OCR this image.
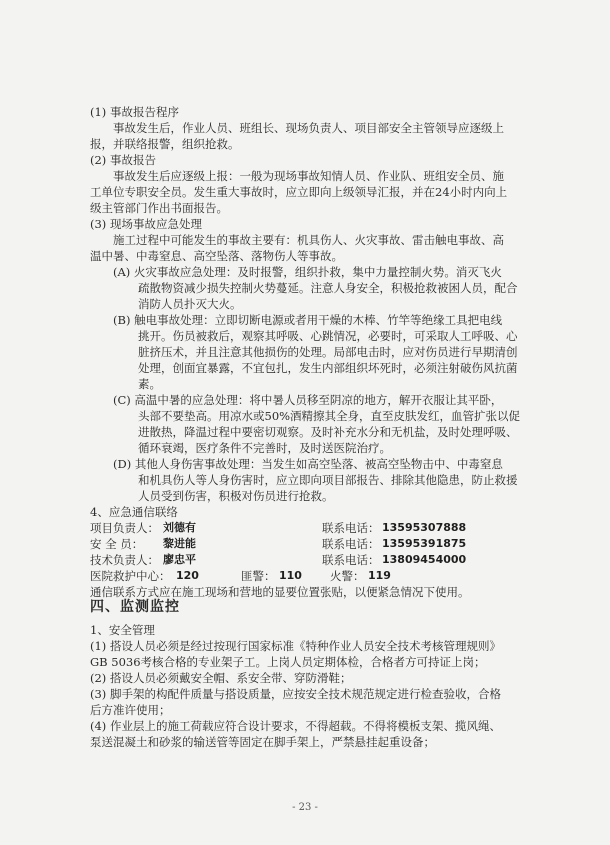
(1) 事故报告程序
事故发生后，作业人员、班组长、现场负责人、项目部安全主管领导应逐级上
报，并联络报警，组织抢救。
(2) 事故报告
事故发生后应逐级上报：一般为现场事故知情人员、作业队、班组安全员、施
工单位专职安全员。发生重大事故时，应立即向上级领导汇报，并在24小时内向上
级主管部门作出书面报告。
(3) 现场事故应急处理
施工过程中可能发生的事故主要有：机具伤人、火灾事故、雷击触电事故、高
温中暑、中毒窒息、高空坠落、落物伤人等事故。
(A) 火灾事故应急处理：及时报警，组织扑救，集中力量控制火势。消灭飞火
疏散物资减少损失控制火势蔓延。注意人身安全，积极抢救被困人员，配合
消防人员扑灭大火。
(B) 触电事故处理：立即切断电源或者用干燥的木棒、竹竿等绝缘工具把电线
挑开。伤员被救后，观察其呼吸、心跳情况，必要时，可采取人工呼吸、心
脏挤压术，并且注意其他损伤的处理。局部电击时，应对伤员进行早期清创
处理，创面宜暴露，不宜包扎，发生内部组织坏死时，必须注射破伤风抗菌
素。
(C) 高温中暑的应急处理：将中暑人员移至阴凉的地方，解开衣服让其平卧，
头部不要垫高。用凉水或50%酒精擦其全身，直至皮肤发红，血管扩张以促
进散热，降温过程中要密切观察。及时补充水分和无机盐，及时处理呼吸、
循环衰竭，医疗条件不完善时，及时送医院治疗。
(D) 其他人身伤害事故处理：当发生如高空坠落、被高空坠物击中、中毒窒息
和机具伤人等人身伤害时，应立即向项目部报告、排除其他隐患，防止救援
人员受到伤害，积极对伤员进行抢救。
4、应急通信联络
项目负责人： 刘德有	联系电话： 13595307888
安 全 员： 黎进能	联系电话： 13595391875
技术负责人： 廖忠平	联系电话： 13809454000
医院救护中心： 120	匪警： 110 火警： 119
通信联系方式应在施工现场和营地的显要位置张贴，以便紧急情况下使用。
四、监测监控
1、安全管理
(1) 搭设人员必须是经过按现行国家标准《特种作业人员安全技术考核管理规则》
GB 5036考核合格的专业架子工。上岗人员定期体检，合格者方可持证上岗；
(2) 搭设人员必须戴安全帽、系安全带、穿防滑鞋；
(3) 脚手架的构配件质量与搭设质量，应按安全技术规范规定进行检查验收，合格
后方准许使用；
(4) 作业层上的施工荷载应符合设计要求，不得超载。不得将模板支架、揽风绳、
泵送混凝土和砂浆的输送管等固定在脚手架上，严禁悬挂起重设备；
- 23 -
